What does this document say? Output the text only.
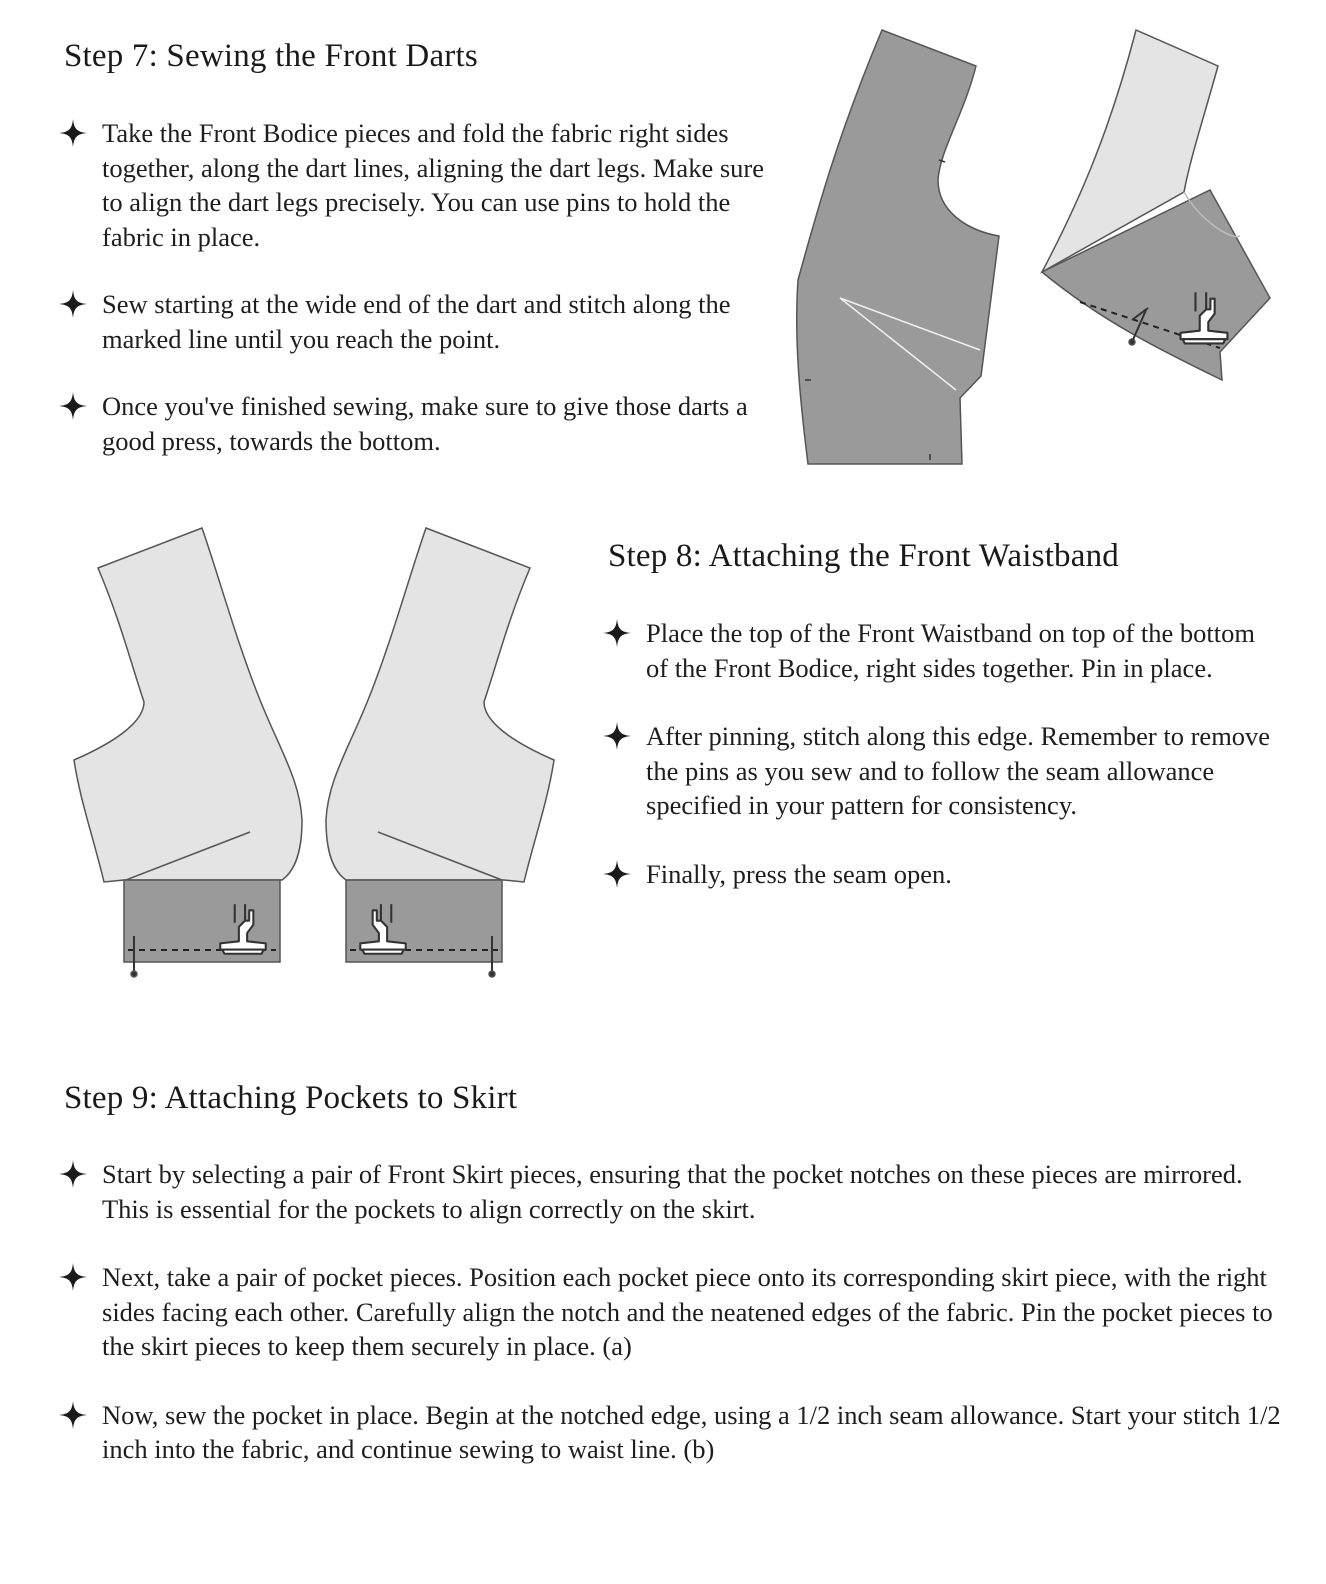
Step 7: Sewing the Front Darts
Take the Front Bodice pieces and fold the fabric right sides together, along the dart lines, aligning the dart legs. Make sure to align the dart legs precisely. You can use pins to hold the fabric in place.
Sew starting at the wide end of the dart and stitch along the marked line until you reach the point.
Once you've finished sewing, make sure to give those darts a good press, towards the bottom.
Step 8: Attaching the Front Waistband
Place the top of the Front Waistband on top of the bottom of the Front Bodice, right sides together. Pin in place.
After pinning, stitch along this edge. Remember to remove the pins as you sew and to follow the seam allowance specified in your pattern for consistency.
Finally, press the seam open.
Step 9: Attaching Pockets to Skirt
Start by selecting a pair of Front Skirt pieces, ensuring that the pocket notches on these pieces are mirrored. This is essential for the pockets to align correctly on the skirt.
Next, take a pair of pocket pieces. Position each pocket piece onto its corresponding skirt piece, with the right sides facing each other. Carefully align the notch and the neatened edges of the fabric. Pin the pocket pieces to the skirt pieces to keep them securely in place. (a)
Now, sew the pocket in place. Begin at the notched edge, using a 1/2 inch seam allowance. Start your stitch 1/2 inch into the fabric, and continue sewing to waist line. (b)
